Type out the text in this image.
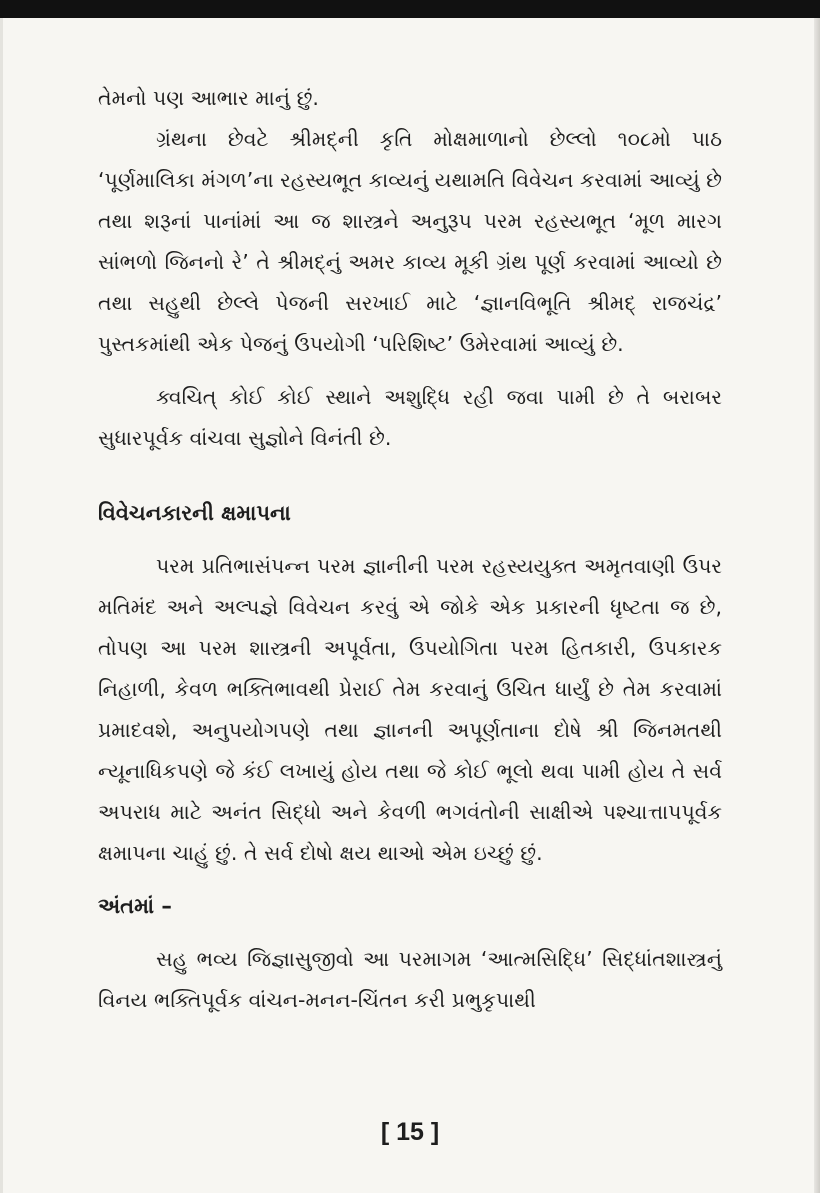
તેમનો પણ આભાર માનું છું.

ગ્રંથના છેવટે શ્રીમદ્‌ની કૃતિ મોક્ષમાળાનો છેલ્લો ૧૦૮મો પાઠ ‘પૂર્ણમાલિકા મંગળ’ના રહસ્યભૂત કાવ્યનું યથામતિ વિવેચન કરવામાં આવ્યું છે તથા શરૂનાં પાનાંમાં આ જ શાસ્ત્રને અનુરૂપ પરમ રહસ્યભૂત ‘મૂળ મારગ સાંભળો જિનનો રે’ તે શ્રીમદ્‌નું અમર કાવ્ય મૂકી ગ્રંથ પૂર્ણ કરવામાં આવ્યો છે તથા સહુથી છેલ્લે પેજની સરખાઈ માટે ‘જ્ઞાનવિભૂતિ શ્રીમદ્ રાજચંદ્ર’ પુસ્તકમાંથી એક પેજનું ઉપયોગી ‘પરિશિષ્ટ’ ઉમેરવામાં આવ્યું છે.

ક્વચિત્ કોઈ કોઈ સ્થાને અશુદ્ધિ રહી જવા પામી છે તે બરાબર સુધારપૂર્વક વાંચવા સુજ્ઞોને વિનંતી છે.

વિવેચનકારની ક્ષમાપના

પરમ પ્રતિભાસંપન્ન પરમ જ્ઞાનીની પરમ રહસ્યયુક્ત અમૃતવાણી ઉપર મતિમંદ અને અલ્પજ્ઞે વિવેચન કરવું એ જોકે એક પ્રકારની ધૃષ્ટતા જ છે, તોપણ આ પરમ શાસ્ત્રની અપૂર્વતા, ઉપયોગિતા પરમ હિતકારી, ઉપકારક નિહાળી, કેવળ ભક્તિભાવથી પ્રેરાઈ તેમ કરવાનું ઉચિત ધાર્યું છે તેમ કરવામાં પ્રમાદવશે, અનુપયોગપણે તથા જ્ઞાનની અપૂર્ણતાના દોષે શ્રી જિનમતથી ન્યૂનાધિકપણે જે કંઈ લખાયું હોય તથા જે કોઈ ભૂલો થવા પામી હોય તે સર્વ અપરાધ માટે અનંત સિદ્ધો અને કેવળી ભગવંતોની સાક્ષીએ પશ્ચાત્તાપપૂર્વક ક્ષમાપના ચાહું છું. તે સર્વ દોષો ક્ષય થાઓ એમ ઇચ્છું છું.

અંતમાં –

સહુ ભવ્ય જિજ્ઞાસુજીવો આ પરમાગમ ‘આત્મસિદ્ધિ’ સિદ્ધાંતશાસ્ત્રનું વિનય ભક્તિપૂર્વક વાંચન-મનન-ચિંતન કરી પ્રભુકૃપાથી

[ 15 ]
